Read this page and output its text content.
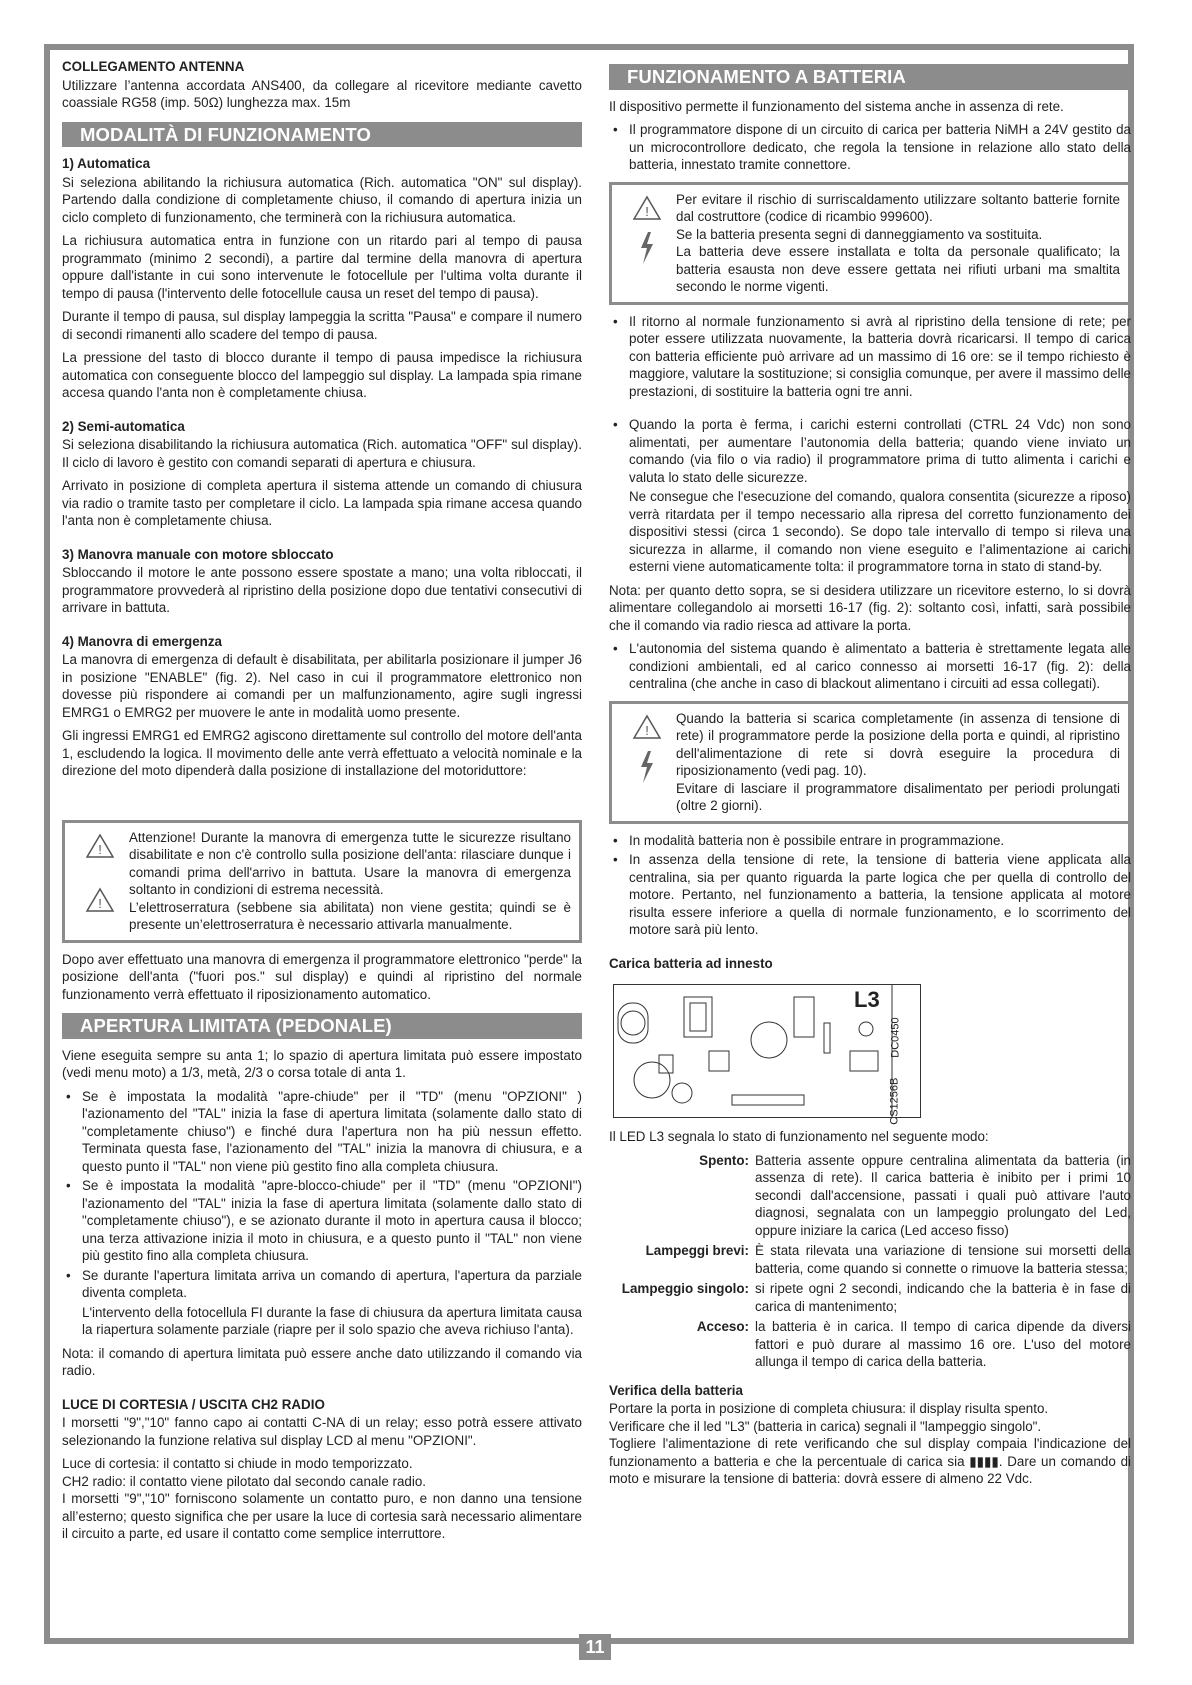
COLLEGAMENTO ANTENNA

Utilizzare l’antenna accordata ANS400, da collegare al ricevitore mediante cavetto coassiale RG58 (imp. 50Ω) lunghezza max. 15m

MODALITÀ DI FUNZIONAMENTO

1) Automatica

Si seleziona abilitando la richiusura automatica (Rich. automatica "ON" sul display). Partendo dalla condizione di completamente chiuso, il comando di apertura inizia un ciclo completo di funzionamento, che terminerà con la richiusura automatica.

La richiusura automatica entra in funzione con un ritardo pari al tempo di pausa programmato (minimo 2 secondi), a partire dal termine della manovra di apertura oppure dall'istante in cui sono intervenute le fotocellule per l'ultima volta durante il tempo di pausa (l'intervento delle fotocellule causa un reset del tempo di pausa).

Durante il tempo di pausa, sul display lampeggia la scritta "Pausa" e compare il numero di secondi rimanenti allo scadere del tempo di pausa.

La pressione del tasto di blocco durante il tempo di pausa impedisce la richiusura automatica con conseguente blocco del lampeggio sul display. La lampada spia rimane accesa quando l'anta non è completamente chiusa.

2) Semi-automatica

Si seleziona disabilitando la richiusura automatica (Rich. automatica "OFF" sul display). Il ciclo di lavoro è gestito con comandi separati di apertura e chiusura.

Arrivato in posizione di completa apertura il sistema attende un comando di chiusura via radio o tramite tasto per completare il ciclo. La lampada spia rimane accesa quando l'anta non è completamente chiusa.

3) Manovra manuale con motore sbloccato

Sbloccando il motore le ante possono essere spostate a mano; una volta ribloccati, il programmatore provvederà al ripristino della posizione dopo due tentativi consecutivi di arrivare in battuta.

4) Manovra di emergenza

La manovra di emergenza di default è disabilitata, per abilitarla posizionare il jumper J6 in posizione "ENABLE" (fig. 2). Nel caso in cui il programmatore elettronico non dovesse più rispondere ai comandi per un malfunzionamento, agire sugli ingressi EMRG1 o EMRG2 per muovere le ante in modalità uomo presente.

Gli ingressi EMRG1 ed EMRG2 agiscono direttamente sul controllo del motore dell'anta 1, escludendo la logica. Il movimento delle ante verrà effettuato a velocità nominale e la direzione del moto dipenderà dalla posizione di installazione del motoriduttore:

!
!

Attenzione! Durante la manovra di emergenza tutte le sicurezze risultano disabilitate e non c'è controllo sulla posizione dell'anta: rilasciare dunque i comandi prima dell'arrivo in battuta. Usare la manovra di emergenza soltanto in condizioni di estrema necessità.

L’elettroserratura (sebbene sia abilitata) non viene gestita; quindi se è presente un’elettroserratura è necessario attivarla manualmente.

Dopo aver effettuato una manovra di emergenza il programmatore elettronico "perde" la posizione dell'anta ("fuori pos." sul display) e quindi al ripristino del normale funzionamento verrà effettuato il riposizionamento automatico.

APERTURA LIMITATA (PEDONALE)

Viene eseguita sempre su anta 1; lo spazio di apertura limitata può essere impostato (vedi menu moto) a 1/3, metà, 2/3 o corsa totale di anta 1.

• Se è impostata la modalità "apre-chiude" per il "TD" (menu "OPZIONI" ) l'azionamento del "TAL" inizia la fase di apertura limitata (solamente dallo stato di "completamente chiuso") e finché dura l'apertura non ha più nessun effetto. Terminata questa fase, l'azionamento del "TAL" inizia la manovra di chiusura, e a questo punto il "TAL" non viene più gestito fino alla completa chiusura.
• Se è impostata la modalità "apre-blocco-chiude" per il "TD" (menu "OPZIONI") l'azionamento del "TAL" inizia la fase di apertura limitata (solamente dallo stato di "completamente chiuso"), e se azionato durante il moto in apertura causa il blocco; una terza attivazione inizia il moto in chiusura, e a questo punto il "TAL" non viene più gestito fino alla completa chiusura.
• Se durante l'apertura limitata arriva un comando di apertura, l'apertura da parziale diventa completa.

L'intervento della fotocellula FI durante la fase di chiusura da apertura limitata causa la riapertura solamente parziale (riapre per il solo spazio che aveva richiuso l'anta).

Nota: il comando di apertura limitata può essere anche dato utilizzando il comando via radio.

LUCE DI CORTESIA / USCITA CH2 RADIO

I morsetti "9","10" fanno capo ai contatti C-NA di un relay; esso potrà essere attivato selezionando la funzione relativa sul display LCD al menu "OPZIONI".

Luce di cortesia: il contatto si chiude in modo temporizzato.

CH2 radio: il contatto viene pilotato dal secondo canale radio.

I morsetti "9","10" forniscono solamente un contatto puro, e non danno una tensione all’esterno; questo significa che per usare la luce di cortesia sarà necessario alimentare il circuito a parte, ed usare il contatto come semplice interruttore.

FUNZIONAMENTO A BATTERIA

Il dispositivo permette il funzionamento del sistema anche in assenza di rete.

• Il programmatore dispone di un circuito di carica per batteria NiMH a 24V gestito da un microcontrollore dedicato, che regola la tensione in relazione allo stato della batteria, innestato tramite connettore.
!

Per evitare il rischio di surriscaldamento utilizzare soltanto batterie fornite dal costruttore (codice di ricambio 999600).

Se la batteria presenta segni di danneggiamento va sostituita.

La batteria deve essere installata e tolta da personale qualificato; la batteria esausta non deve essere gettata nei rifiuti urbani ma smaltita secondo le norme vigenti.

• Il ritorno al normale funzionamento si avrà al ripristino della tensione di rete; per poter essere utilizzata nuovamente, la batteria dovrà ricaricarsi. Il tempo di carica con batteria efficiente può arrivare ad un massimo di 16 ore: se il tempo richiesto è maggiore, valutare la sostituzione; si consiglia comunque, per avere il massimo delle prestazioni, di sostituire la batteria ogni tre anni.
• Quando la porta è ferma, i carichi esterni controllati (CTRL 24 Vdc) non sono alimentati, per aumentare l’autonomia della batteria; quando viene inviato un comando (via filo o via radio) il programmatore prima di tutto alimenta i carichi e valuta lo stato delle sicurezze.

Ne consegue che l'esecuzione del comando, qualora consentita (sicurezze a riposo) verrà ritardata per il tempo necessario alla ripresa del corretto funzionamento dei dispositivi stessi (circa 1 secondo). Se dopo tale intervallo di tempo si rileva una sicurezza in allarme, il comando non viene eseguito e l’alimentazione ai carichi esterni viene automaticamente tolta: il programmatore torna in stato di stand-by.

Nota: per quanto detto sopra, se si desidera utilizzare un ricevitore esterno, lo si dovrà alimentare collegandolo ai morsetti 16-17 (fig. 2): soltanto così, infatti, sarà possibile che il comando via radio riesca ad attivare la porta.

• L'autonomia del sistema quando è alimentato a batteria è strettamente legata alle condizioni ambientali, ed al carico connesso ai morsetti 16-17 (fig. 2): della centralina (che anche in caso di blackout alimentano i circuiti ad essa collegati).
!

Quando la batteria si scarica completamente (in assenza di tensione di rete) il programmatore perde la posizione della porta e quindi, al ripristino dell'alimentazione di rete si dovrà eseguire la procedura di riposizionamento (vedi pag. 10).

Evitare di lasciare il programmatore disalimentato per periodi prolungati (oltre 2 giorni).

• In modalità batteria non è possibile entrare in programmazione.
• In assenza della tensione di rete, la tensione di batteria viene applicata alla centralina, sia per quanto riguarda la parte logica che per quella di controllo del motore. Pertanto, nel funzionamento a batteria, la tensione applicata al motore risulta essere inferiore a quella di normale funzionamento, e lo scorrimento del motore sarà più lento.

Carica batteria ad innesto

L3
DC0450
CS1256B

Il LED L3 segnala lo stato di funzionamento nel seguente modo:

Spento: Batteria assente oppure centralina alimentata da batteria (in assenza di rete). Il carica batteria è inibito per i primi 10 secondi dall'accensione, passati i quali può attivare l'auto diagnosi, segnalata con un lampeggio prolungato del Led, oppure iniziare la carica (Led acceso fisso)
Lampeggi brevi: È stata rilevata una variazione di tensione sui morsetti della batteria, come quando si connette o rimuove la batteria stessa;
Lampeggio singolo: si ripete ogni 2 secondi, indicando che la batteria è in fase di carica di mantenimento;
Acceso: la batteria è in carica. Il tempo di carica dipende da diversi fattori e può durare al massimo 16 ore. L'uso del motore allunga il tempo di carica della batteria.

Verifica della batteria

Portare la porta in posizione di completa chiusura: il display risulta spento.

Verificare che il led "L3" (batteria in carica) segnali il "lampeggio singolo".

Togliere l'alimentazione di rete verificando che sul display compaia l'indicazione del funzionamento a batteria e che la percentuale di carica sia ▮▮▮▮. Dare un comando di moto e misurare la tensione di batteria: dovrà essere di almeno 22 Vdc.

11
